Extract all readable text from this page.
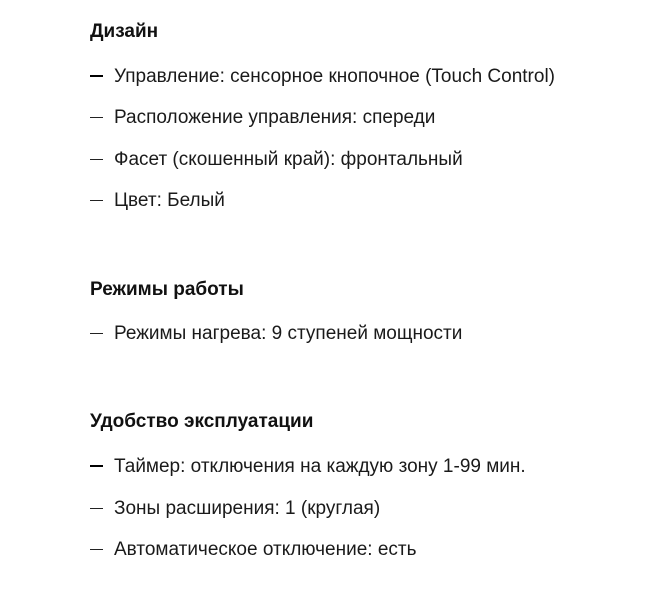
Дизайн
Управление: сенсорное кнопочное (Touch Control)
Расположение управления: спереди
Фасет (скошенный край): фронтальный
Цвет: Белый
Режимы работы
Режимы нагрева: 9 ступеней мощности
Удобство эксплуатации
Таймер: отключения на каждую зону 1-99 мин.
Зоны расширения: 1 (круглая)
Автоматическое отключение: есть
